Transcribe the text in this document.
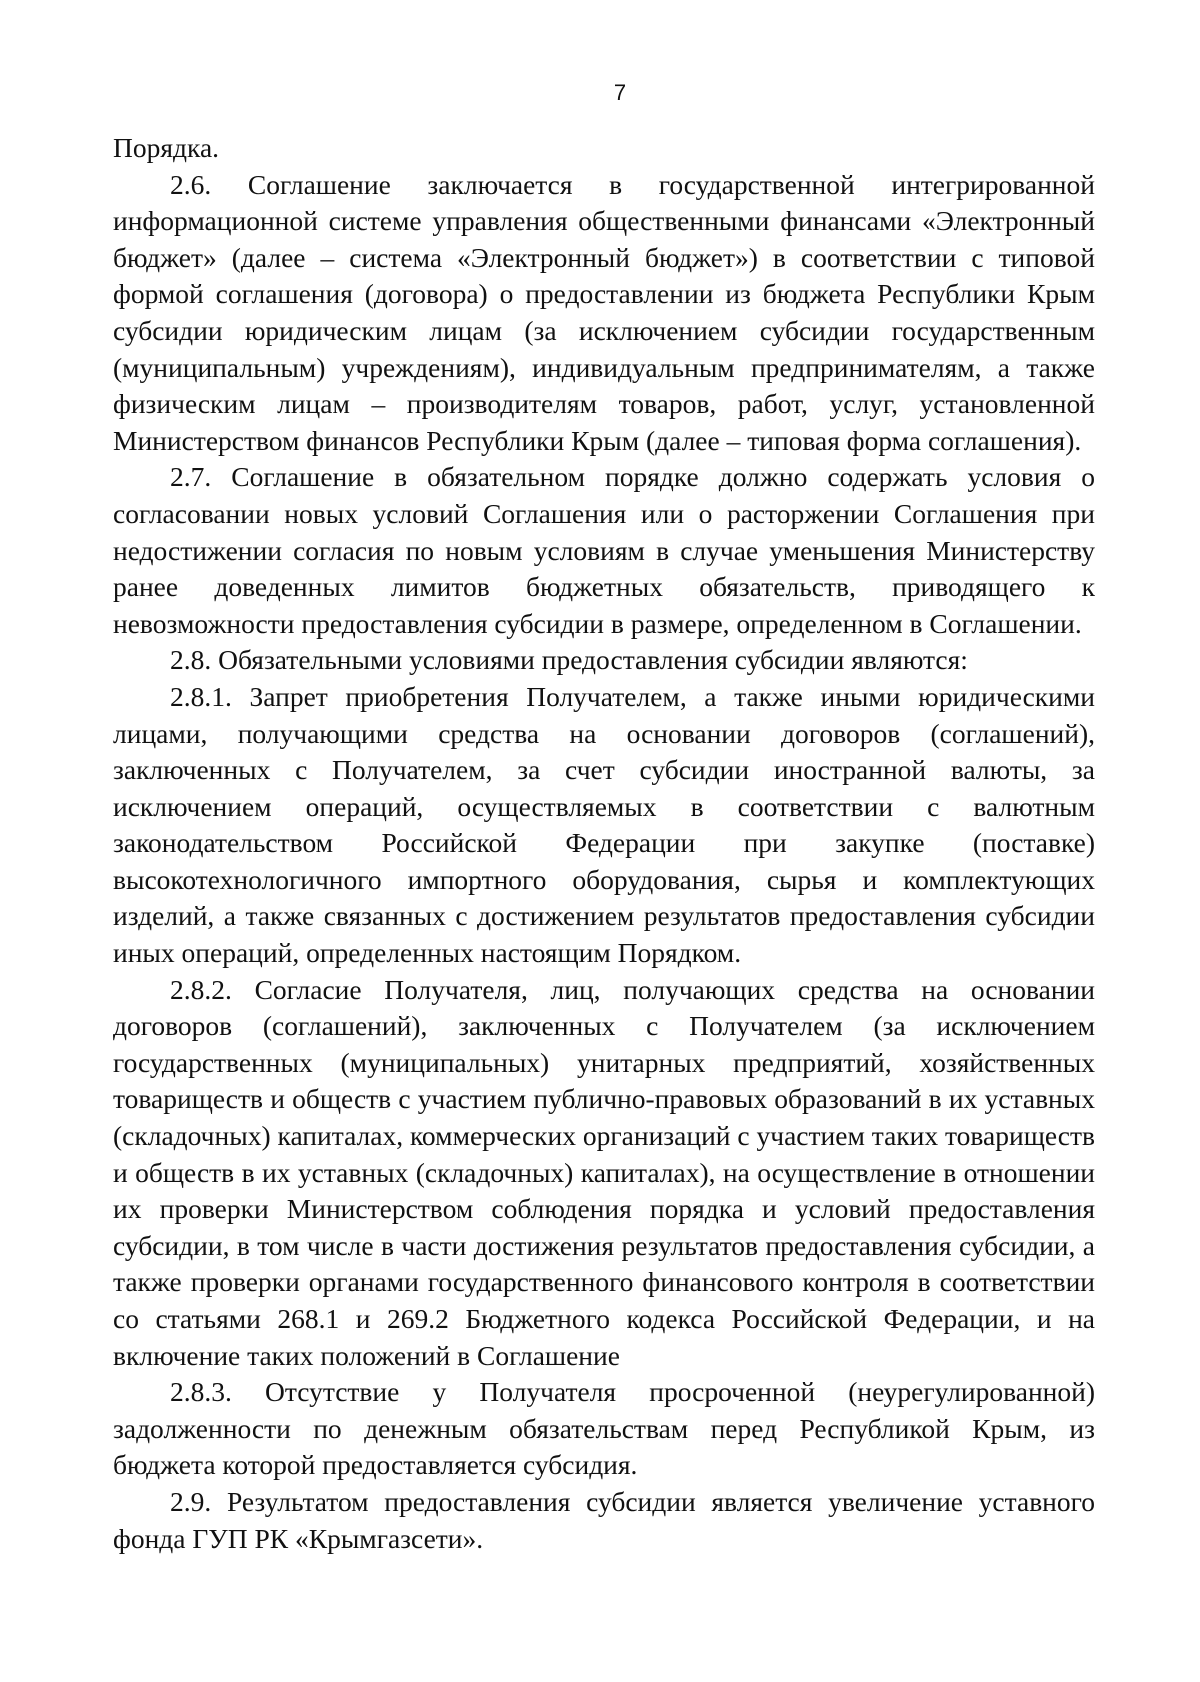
7

Порядка.

2.6. Соглашение заключается в государственной интегрированной информационной системе управления общественными финансами «Электронный бюджет» (далее – система «Электронный бюджет») в соответствии с типовой формой соглашения (договора) о предоставлении из бюджета Республики Крым субсидии юридическим лицам (за исключением субсидии государственным (муниципальным) учреждениям), индивидуальным предпринимателям, а также физическим лицам – производителям товаров, работ, услуг, установленной Министерством финансов Республики Крым (далее – типовая форма соглашения).

2.7. Соглашение в обязательном порядке должно содержать условия о согласовании новых условий Соглашения или о расторжении Соглашения при недостижении согласия по новым условиям в случае уменьшения Министерству ранее доведенных лимитов бюджетных обязательств, приводящего к невозможности предоставления субсидии в размере, определенном в Соглашении.

2.8. Обязательными условиями предоставления субсидии являются:

2.8.1. Запрет приобретения Получателем, а также иными юридическими лицами, получающими средства на основании договоров (соглашений), заключенных с Получателем, за счет субсидии иностранной валюты, за исключением операций, осуществляемых в соответствии с валютным законодательством Российской Федерации при закупке (поставке) высокотехнологичного импортного оборудования, сырья и комплектующих изделий, а также связанных с достижением результатов предоставления субсидии иных операций, определенных настоящим Порядком.

2.8.2. Согласие Получателя, лиц, получающих средства на основании договоров (соглашений), заключенных с Получателем (за исключением государственных (муниципальных) унитарных предприятий, хозяйственных товариществ и обществ с участием публично-правовых образований в их уставных (складочных) капиталах, коммерческих организаций с участием таких товариществ и обществ в их уставных (складочных) капиталах), на осуществление в отношении их проверки Министерством соблюдения порядка и условий предоставления субсидии, в том числе в части достижения результатов предоставления субсидии, а также проверки органами государственного финансового контроля в соответствии со статьями 268.1 и 269.2 Бюджетного кодекса Российской Федерации, и на включение таких положений в Соглашение

2.8.3. Отсутствие у Получателя просроченной (неурегулированной) задолженности по денежным обязательствам перед Республикой Крым, из бюджета которой предоставляется субсидия.

2.9. Результатом предоставления субсидии является увеличение уставного фонда ГУП РК «Крымгазсети».
